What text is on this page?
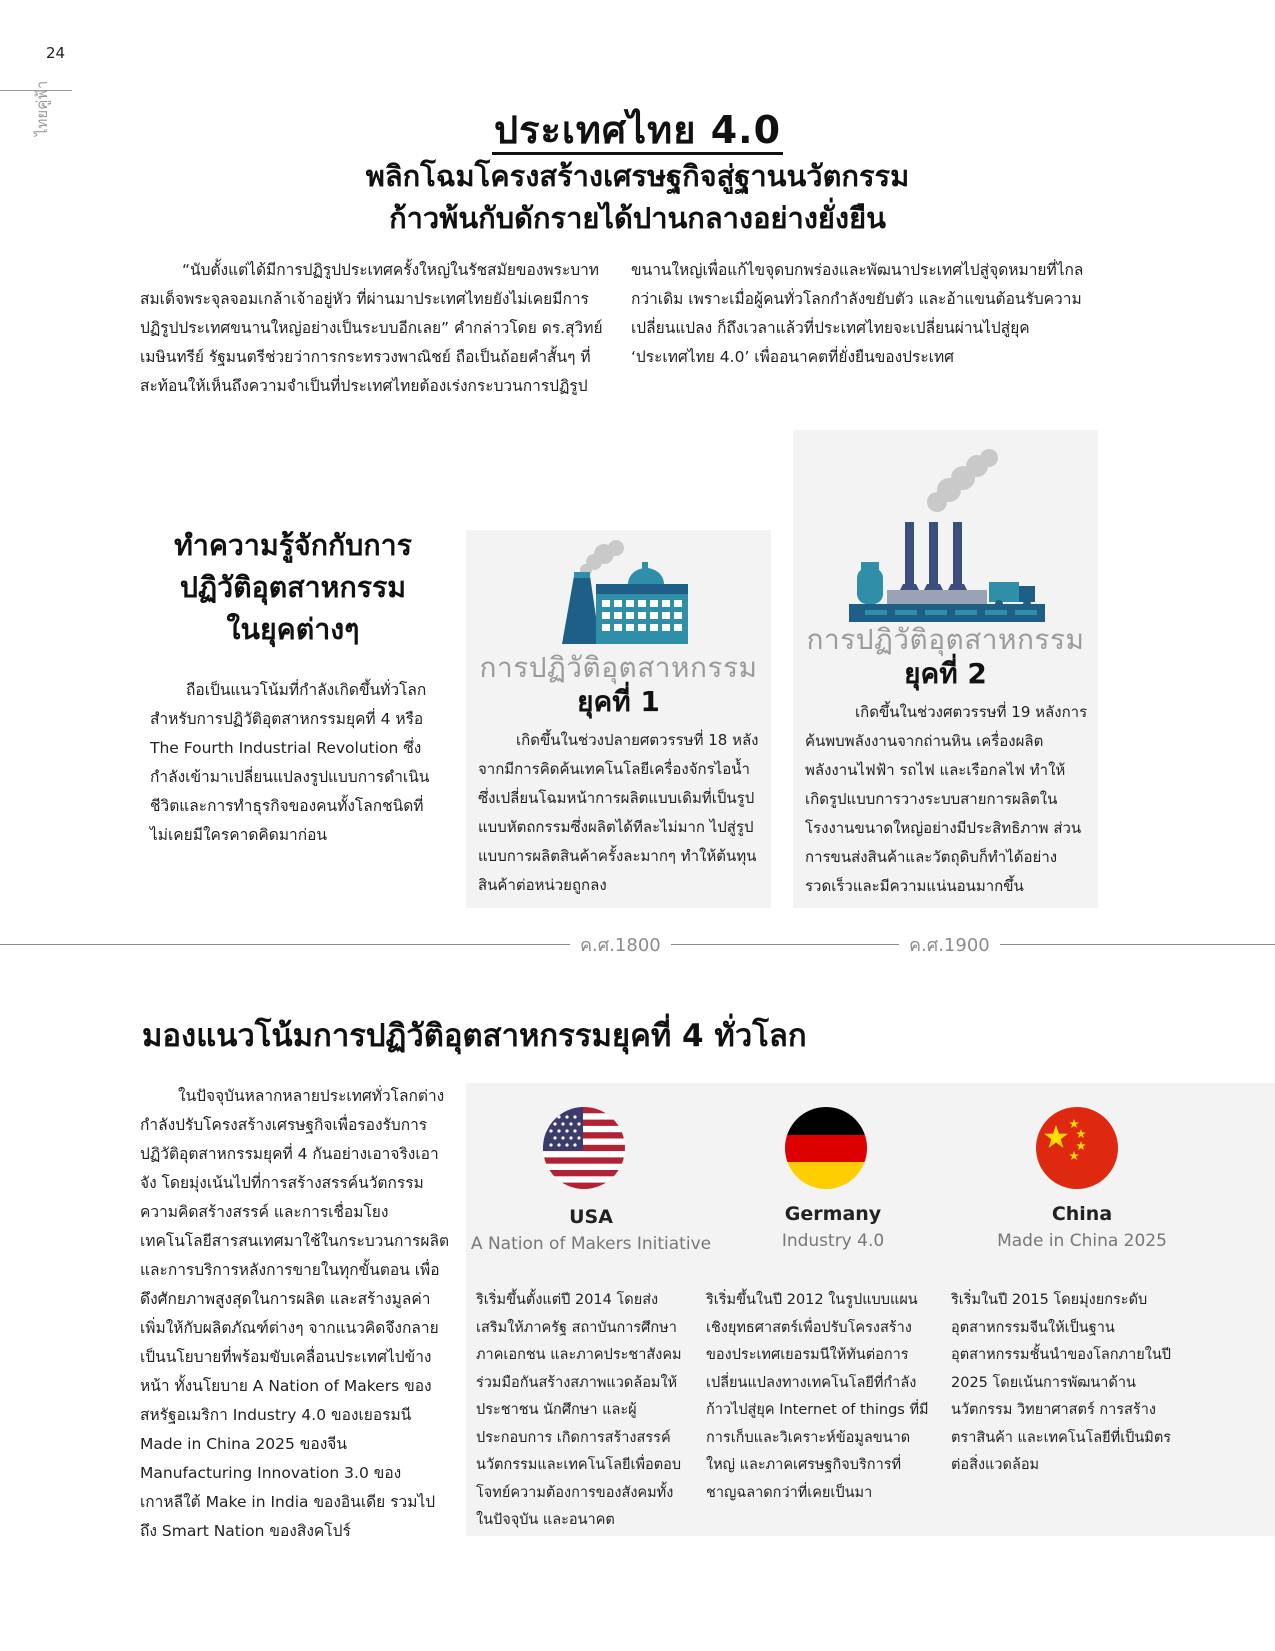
24
ไทยคู่ฟ้า	ประเทศไทย 4.0
พลิกโฉมโครงสร้างเศรษฐกิจสู่ฐานนวัตกรรม
ก้าวพ้นกับดักรายได้ปานกลางอย่างยั่งยืน

“นับตั้งแต่ได้มีการปฏิรูปประเทศครั้งใหญ่ในรัชสมัยของพระบาทสมเด็จพระจุลจอมเกล้าเจ้าอยู่หัว ที่ผ่านมาประเทศไทยยังไม่เคยมีการปฏิรูปประเทศขนานใหญ่อย่างเป็นระบบอีกเลย” คำกล่าวโดย ดร.สุวิทย์ เมษินทรีย์ รัฐมนตรีช่วยว่าการกระทรวงพาณิชย์ ถือเป็นถ้อยคำสั้นๆ ที่สะท้อนให้เห็นถึงความจำเป็นที่ประเทศไทยต้องเร่งกระบวนการปฏิรูป

ขนานใหญ่เพื่อแก้ไขจุดบกพร่องและพัฒนาประเทศไปสู่จุดหมายที่ไกลกว่าเดิม เพราะเมื่อผู้คนทั่วโลกกำลังขยับตัว และอ้าแขนต้อนรับความเปลี่ยนแปลง ก็ถึงเวลาแล้วที่ประเทศไทยจะเปลี่ยนผ่านไปสู่ยุค ‘ประเทศไทย 4.0’ เพื่ออนาคตที่ยั่งยืนของประเทศ

ทำความรู้จักกับการ
ปฏิวัติอุตสาหกรรม
ในยุคต่างๆ

ถือเป็นแนวโน้มที่กำลังเกิดขึ้นทั่วโลกสำหรับการปฏิวัติอุตสาหกรรมยุคที่ 4 หรือ The Fourth Industrial Revolution ซึ่งกำลังเข้ามาเปลี่ยนแปลงรูปแบบการดำเนินชีวิตและการทำธุรกิจของคนทั้งโลกชนิดที่ไม่เคยมีใครคาดคิดมาก่อน

การปฏิวัติอุตสาหกรรม
ยุคที่ 1

เกิดขึ้นในช่วงปลายศตวรรษที่ 18 หลังจากมีการคิดค้นเทคโนโลยีเครื่องจักรไอน้ำ ซึ่งเปลี่ยนโฉมหน้าการผลิตแบบเดิมที่เป็นรูปแบบหัตถกรรมซึ่งผลิตได้ทีละไม่มาก ไปสู่รูปแบบการผลิตสินค้าครั้งละมากๆ ทำให้ต้นทุนสินค้าต่อหน่วยถูกลง

การปฏิวัติอุตสาหกรรม
ยุคที่ 2

เกิดขึ้นในช่วงศตวรรษที่ 19 หลังการค้นพบพลังงานจากถ่านหิน เครื่องผลิตพลังงานไฟฟ้า รถไฟ และเรือกลไฟ ทำให้เกิดรูปแบบการวางระบบสายการผลิตในโรงงานขนาดใหญ่อย่างมีประสิทธิภาพ ส่วนการขนส่งสินค้าและวัตถุดิบก็ทำได้อย่างรวดเร็วและมีความแน่นอนมากขึ้น

ค.ศ.1800	ค.ศ.1900
มองแนวโน้มการปฏิวัติอุตสาหกรรมยุคที่ 4 ทั่วโลก

ในปัจจุบันหลากหลายประเทศทั่วโลกต่างกำลังปรับโครงสร้างเศรษฐกิจเพื่อรองรับการปฏิวัติอุตสาหกรรมยุคที่ 4 กันอย่างเอาจริงเอาจัง โดยมุ่งเน้นไปที่การสร้างสรรค์นวัตกรรม ความคิดสร้างสรรค์ และการเชื่อมโยงเทคโนโลยีสารสนเทศมาใช้ในกระบวนการผลิตและการบริการหลังการขายในทุกขั้นตอน เพื่อดึงศักยภาพสูงสุดในการผลิต และสร้างมูลค่าเพิ่มให้กับผลิตภัณฑ์ต่างๆ จากแนวคิดจึงกลายเป็นนโยบายที่พร้อมขับเคลื่อนประเทศไปข้างหน้า ทั้งนโยบาย A Nation of Makers ของสหรัฐอเมริกา Industry 4.0 ของเยอรมนี Made in China 2025 ของจีน Manufacturing Innovation 3.0 ของเกาหลีใต้ Make in India ของอินเดีย รวมไปถึง Smart Nation ของสิงคโปร์

USA
A Nation of Makers Initiative

ริเริ่มขึ้นตั้งแต่ปี 2014 โดยส่งเสริมให้ภาครัฐ สถาบันการศึกษา ภาคเอกชน และภาคประชาสังคมร่วมมือกันสร้างสภาพแวดล้อมให้ประชาชน นักศึกษา และผู้ประกอบการ เกิดการสร้างสรรค์นวัตกรรมและเทคโนโลยีเพื่อตอบโจทย์ความต้องการของสังคมทั้งในปัจจุบัน และอนาคต

Germany
Industry 4.0

ริเริ่มขึ้นในปี 2012 ในรูปแบบแผนเชิงยุทธศาสตร์เพื่อปรับโครงสร้างของประเทศเยอรมนีให้ทันต่อการเปลี่ยนแปลงทางเทคโนโลยีที่กำลังก้าวไปสู่ยุค Internet of things ที่มีการเก็บและวิเคราะห์ข้อมูลขนาดใหญ่ และภาคเศรษฐกิจบริการที่ชาญฉลาดกว่าที่เคยเป็นมา

China
Made in China 2025

ริเริ่มในปี 2015 โดยมุ่งยกระดับอุตสาหกรรมจีนให้เป็นฐานอุตสาหกรรมชั้นนำของโลกภายในปี 2025 โดยเน้นการพัฒนาด้านนวัตกรรม วิทยาศาสตร์ การสร้างตราสินค้า และเทคโนโลยีที่เป็นมิตรต่อสิ่งแวดล้อม
